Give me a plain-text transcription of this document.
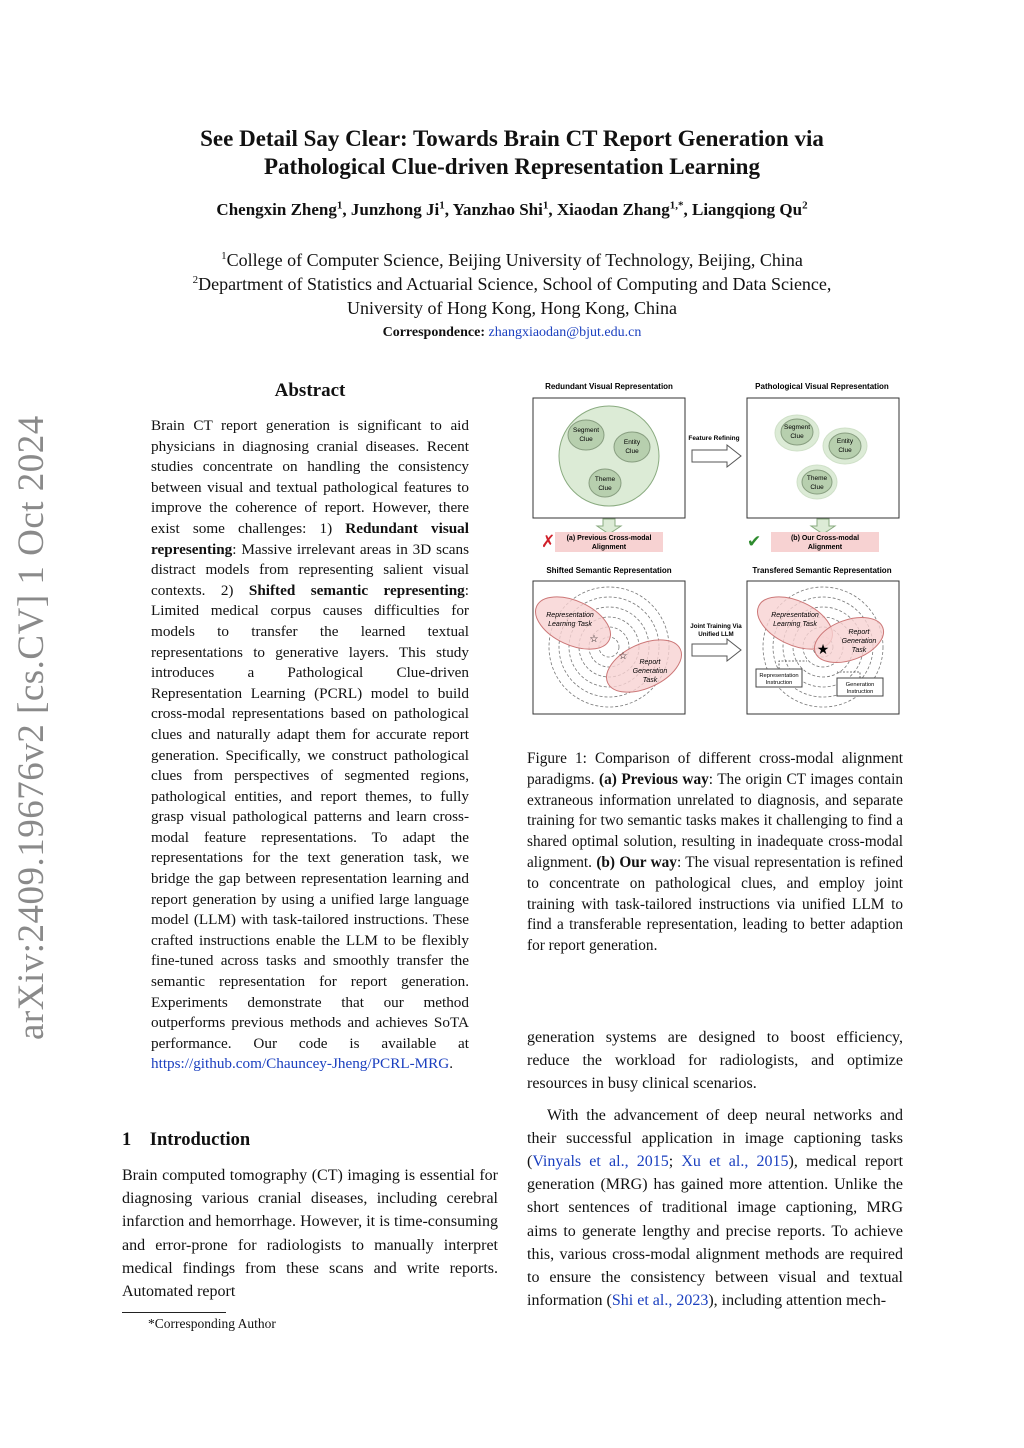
See Detail Say Clear: Towards Brain CT Report Generation via
Pathological Clue-driven Representation Learning
Chengxin Zheng$^1$, Junzhong Ji$^1$, Yanzhao Shi$^1$, Xiaodan Zhang$^{1,*}$, Liangqiong Qu$^2$
$^1$College of Computer Science, Beijing University of Technology, Beijing, China
$^2$Department of Statistics and Actuarial Science, School of Computing and Data Science,
University of Hong Kong, Hong Kong, China
Correspondence: zhangxiaodan@bjut.edu.cn
arXiv:2409.19676v2 [cs.CV] 1 Oct 2024
Abstract
Brain CT report generation is significant to aid physicians in diagnosing cranial diseases. Recent studies concentrate on handling the consistency between visual and textual pathological features to improve the coherence of report. However, there exist some challenges: 1) Redundant visual representing: Massive irrelevant areas in 3D scans distract models from representing salient visual contexts. 2) Shifted semantic representing: Limited medical corpus causes difficulties for models to transfer the learned textual representations to generative layers. This study introduces a Pathological Clue-driven Representation Learning (PCRL) model to build cross-modal representations based on pathological clues and naturally adapt them for accurate report generation. Specifically, we construct pathological clues from perspectives of segmented regions, pathological entities, and report themes, to fully grasp visual pathological patterns and learn cross-modal feature representations. To adapt the representations for the text generation task, we bridge the gap between representation learning and report generation by using a unified large language model (LLM) with task-tailored instructions. These crafted instructions enable the LLM to be flexibly fine-tuned across tasks and smoothly transfer the semantic representation for report generation. Experiments demonstrate that our method outperforms previous methods and achieves SoTA performance. Our code is available at https://github.com/Chauncey-Jheng/PCRL-MRG.
1 Introduction
Brain computed tomography (CT) imaging is essential for diagnosing various cranial diseases, including cerebral infarction and hemorrhage. However, it is time-consuming and error-prone for radiologists to manually interpret medical findings from these scans and write reports. Automated report
*Corresponding Author
Redundant Visual Representation	Pathological Visual Representation
Segment
Clue	Entity
Clue
Theme
Clue
Feature Refining
Segment
Clue
Entity
Clue
Theme
Clue
✗ (a) Previous Cross-modal
Alignment	✔	(b) Our Cross-modal
Alignment
Shifted Semantic Representation	Transfered Semantic Representation
Representation
Learning Task
Report
Generation
Task
☆
☆
Joint Training Via
Unified LLM
Representation
Learning Task
Report
Generation
Task
★
Representation
Instruction	Generation
Instruction
Figure 1: Comparison of different cross-modal alignment paradigms. (a) Previous way: The origin CT images contain extraneous information unrelated to diagnosis, and separate training for two semantic tasks makes it challenging to find a shared optimal solution, resulting in inadequate cross-modal alignment. (b) Our way: The visual representation is refined to concentrate on pathological clues, and employ joint training with task-tailored instructions via unified LLM to find a transferable representation, leading to better adaption for report generation.

generation systems are designed to boost efficiency, reduce the workload for radiologists, and optimize resources in busy clinical scenarios.

With the advancement of deep neural networks and their successful application in image captioning tasks (Vinyals et al., 2015; Xu et al., 2015), medical report generation (MRG) has gained more attention. Unlike the short sentences of traditional image captioning, MRG aims to generate lengthy and precise reports. To achieve this, various cross-modal alignment methods are required to ensure the consistency between visual and textual information (Shi et al., 2023), including attention mech-
